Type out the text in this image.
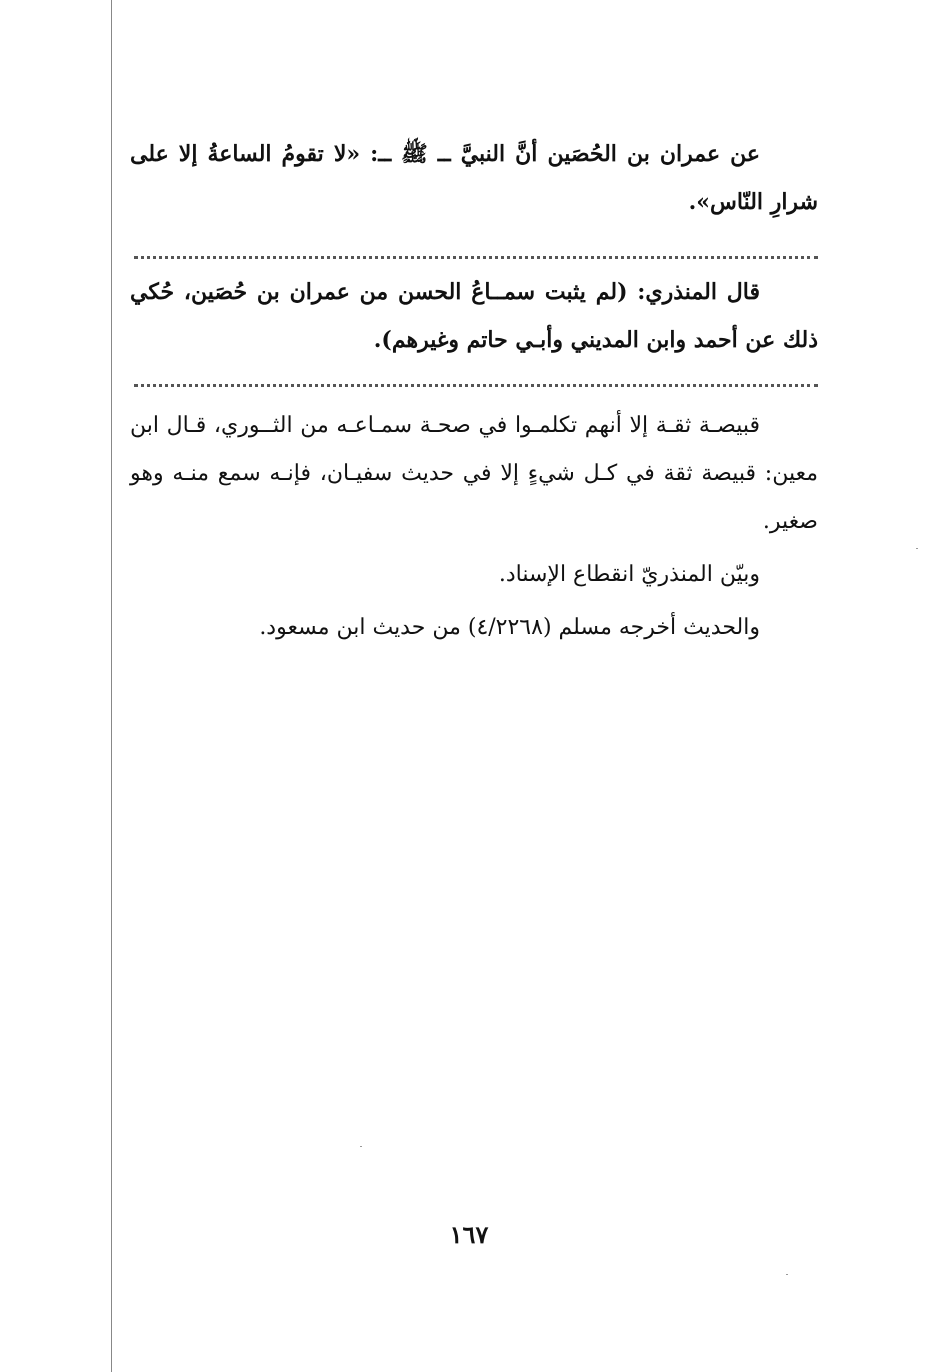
عن عمران بن الحُصَين أنَّ النبيَّ ــ ﷺ ــ: «لا تقومُ الساعةُ إلا على شرارِ النّاس».

قال المنذري: (لم يثبت سمــاعُ الحسن من عمران بن حُصَين، حُكي ذلك عن أحمد وابن المديني وأبـي حاتم وغيرهم).

قبيصـة ثقـة إلا أنهم تكلمـوا في صحـة سمـاعـه من الثــوري، قـال ابن معين: قبيصة ثقة في كـل شيءٍ إلا في حديث سفيـان، فإنـه سمع منـه وهو صغير.

وبيّن المنذريّ انقطاع الإسناد.
والحديث أخرجه مسلم (٤/٢٢٦٨) من حديث ابن مسعود.
١٦٧
